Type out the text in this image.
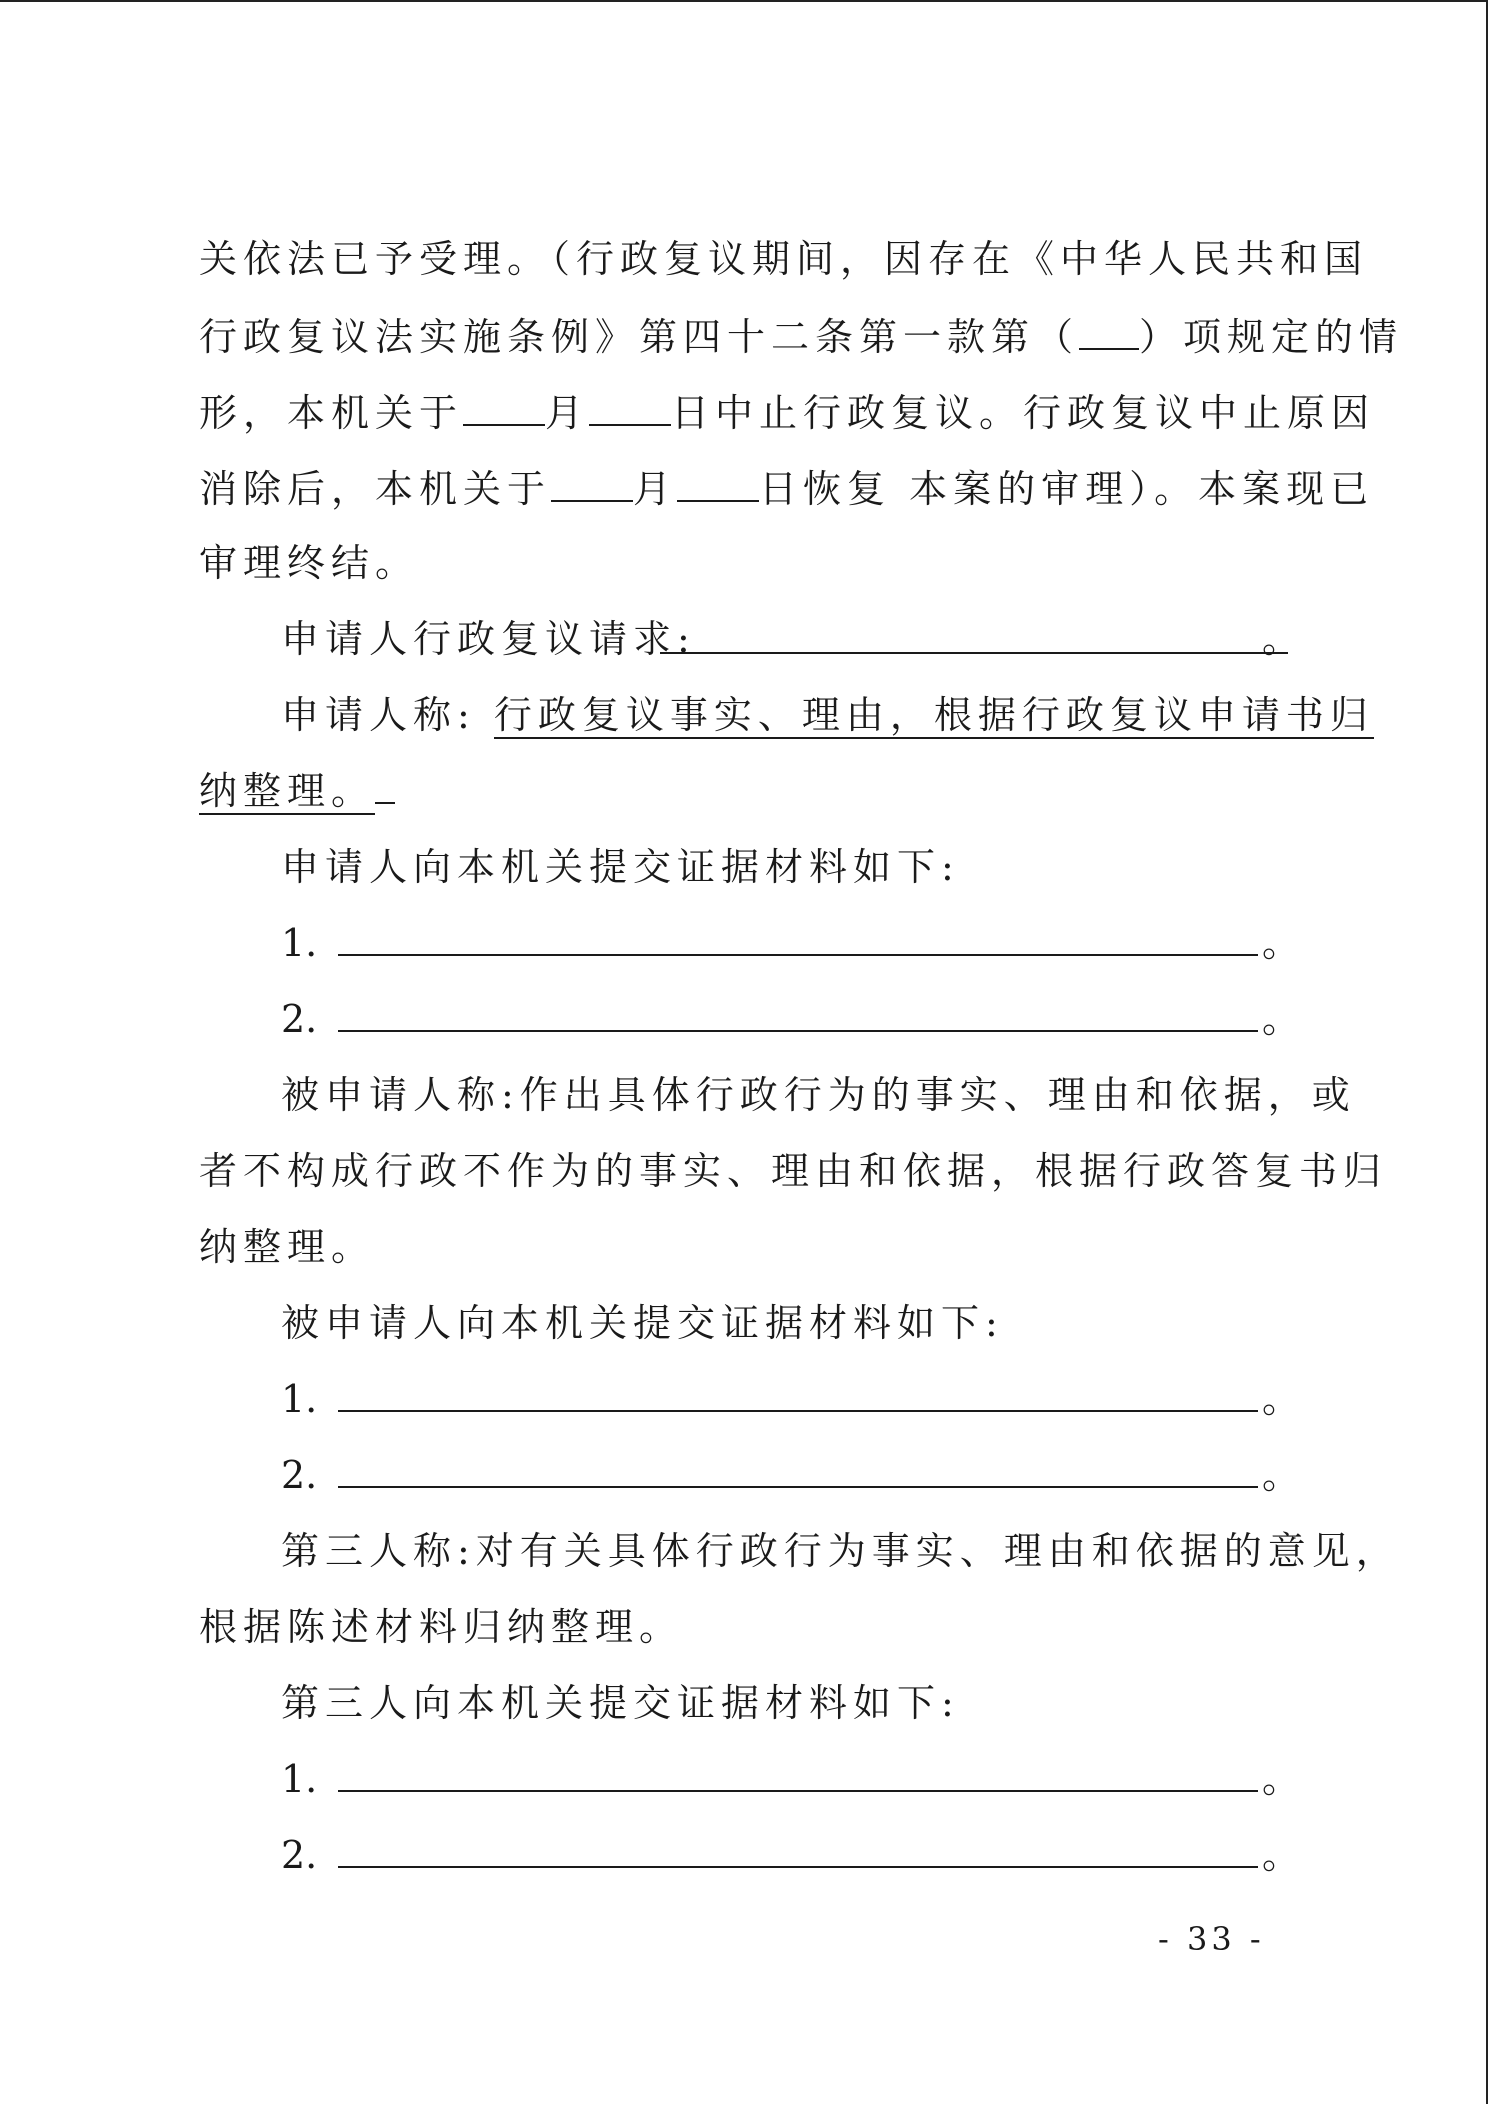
关依法已予受理。（行政复议期间，因存在《中华人民共和国
行政复议法实施条例》第四十二条第一款第（ ）项规定的情
形，本机关于 月 日中止行政复议。行政复议中止原因
消除后，本机关于 月 日恢复 本案的审理）。本案现已
审理终结。
申请人行政复议请求:	。
申请人称: 行政复议事实、理由，根据行政复议申请书归
纳整理。
申请人向本机关提交证据材料如下:
1.	。
2.	。
被申请人称:作出具体行政行为的事实、理由和依据，或
者不构成行政不作为的事实、理由和依据，根据行政答复书归
纳整理。
被申请人向本机关提交证据材料如下:
1.	。
2.	。
第三人称:对有关具体行政行为事实、理由和依据的意见，
根据陈述材料归纳整理。
第三人向本机关提交证据材料如下:
1.	。
2.	。
- 33 -
